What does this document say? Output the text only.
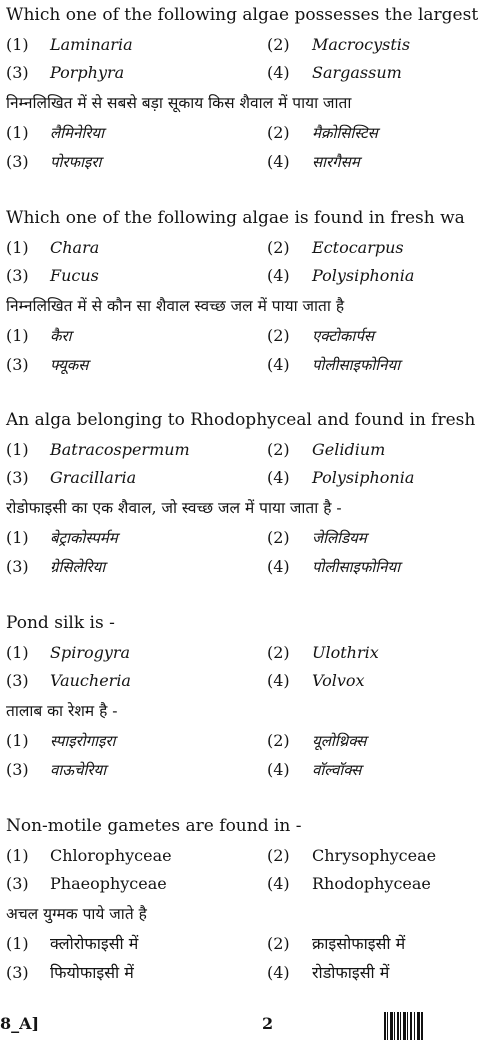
Which one of the following algae possesses the largest
(1) Laminaria	(2) Macrocystis
(3) Porphyra	(4) Sargassum
निम्नलिखित में से सबसे बड़ा सूकाय किस शैवाल में पाया जाता
(1) लैमिनेरिया	(2) मैक्रोसिस्टिस
(3) पोरफाइरा	(4) सारगैसम
Which one of the following algae is found in fresh wa
(1) Chara	(2) Ectocarpus
(3) Fucus	(4) Polysiphonia
निम्नलिखित में से कौन सा शैवाल स्वच्छ जल में पाया जाता है
(1) कैरा	(2) एक्टोकार्पस
(3) फ्यूकस	(4) पोलीसाइफोनिया
An alga belonging to Rhodophyceal and found in fresh
(1) Batracospermum	(2) Gelidium
(3) Gracillaria	(4) Polysiphonia
रोडोफाइसी का एक शैवाल, जो स्वच्छ जल में पाया जाता है -
(1) बेट्राकोस्पर्मम	(2) जेलिडियम
(3) ग्रेसिलेरिया	(4) पोलीसाइफोनिया
Pond silk is -
(1) Spirogyra	(2) Ulothrix
(3) Vaucheria	(4) Volvox
तालाब का रेशम है -
(1) स्पाइरोगाइरा	(2) यूलोथ्रिक्स
(3) वाऊचेरिया	(4) वॉल्वॉक्स
Non-motile gametes are found in -
(1) Chlorophyceae	(2) Chrysophyceae
(3) Phaeophyceae	(4) Rhodophyceae
अचल युग्मक पाये जाते है
(1) क्लोरोफाइसी में	(2) क्राइसोफाइसी में
(3) फियोफाइसी में	(4) रोडोफाइसी में
8_A]	2
